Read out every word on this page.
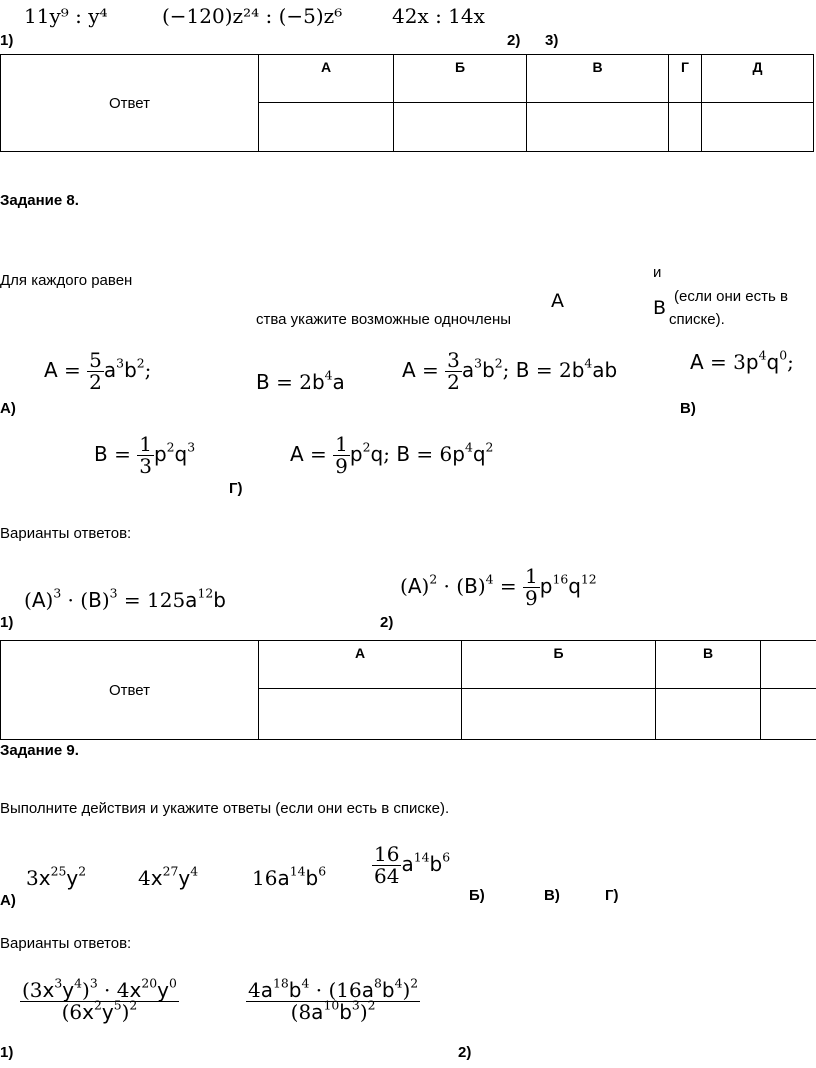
11y⁹ : y⁴	(−120)z²⁴ : (−5)z⁶ 42x : 14x
1)	2) 3)
Ответ	А	Б	В	Г	Д

Задание 8.
Для каждого равен	и
A	B
(если они есть в
ства укажите возможные одночлены	списке).
$A = \frac{5}{2} a^3b^2$;	$B = 2b^4a$	$A = \frac{3}{2} a^3b^2$; $B = 2b^4ab$	$A = 3p^4q^0$;
А)	В)
$B = \frac{1}{3} p^2q^3$
Г)
$A = \frac{1}{9} p^2q$; $B = 6p^4q^2$
Варианты ответов:
$(A)^3 \cdot (B)^3 = 125a^{12}b$
$(A)^2 \cdot (B)^4 = \frac{1}{9} p^{16}q^{12}$
1)	2)
Ответ	А	Б	В	

Задание 9.
Выполните действия и укажите ответы (если они есть в списке).
$3x^{25}y^2$	$4x^{27}y^4$	$16a^{14}b^6 \frac{16}{64} a^{14}b^6$
А)	Б)	В)	Г)
Варианты ответов:
$\frac{(3x^3y^4)^3 \cdot 4x^{20}y^0}{(6x^2y^5)^2}$	$\frac{4a^{18}b^4 \cdot (16a^8b^4)^2}{(8a^{10}b^3)^2}$
1)	2)
